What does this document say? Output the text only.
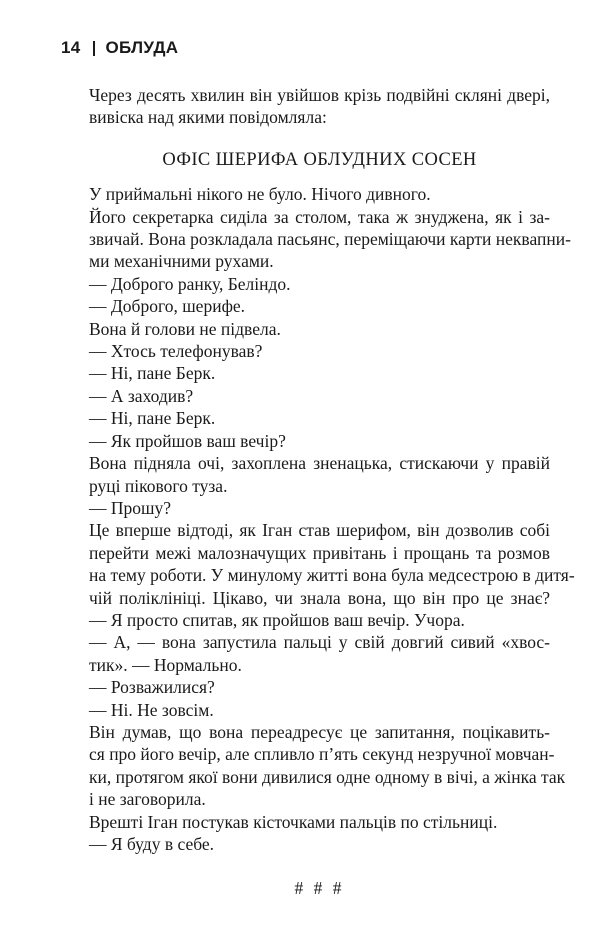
14 ОБЛУДА
Через десять хвилин він увійшов крізь подвійні скляні двері,
вивіска над якими повідомляла:
ОФІС ШЕРИФА ОБЛУДНИХ СОСЕН
У приймальні нікого не було. Нічого дивного.
Його секретарка сиділа за столом, така ж знуджена, як і за-
звичай. Вона розкладала пасьянс, переміщаючи карти неквапни-
ми механічними рухами.
— Доброго ранку, Беліндо.
— Доброго, шерифе.
Вона й голови не підвела.
— Хтось телефонував?
— Ні, пане Берк.
— А заходив?
— Ні, пане Берк.
— Як пройшов ваш вечір?
Вона підняла очі, захоплена зненацька, стискаючи у правій
руці пікового туза.
— Прошу?
Це вперше відтоді, як Іган став шерифом, він дозволив собі
перейти межі малозначущих привітань і прощань та розмов
на тему роботи. У минулому житті вона була медсестрою в дитя-
чій поліклініці. Цікаво, чи знала вона, що він про це знає?
— Я просто спитав, як пройшов ваш вечір. Учора.
— А, — вона запустила пальці у свій довгий сивий «хвос-
тик». — Нормально.
— Розважилися?
— Ні. Не зовсім.
Він думав, що вона переадресує це запитання, поцікавить-
ся про його вечір, але спливло п’ять секунд незручної мовчан-
ки, протягом якої вони дивилися одне одному в вічі, а жінка так
і не заговорила.
Врешті Іган постукав кісточками пальців по стільниці.
— Я буду в себе.
# # #
